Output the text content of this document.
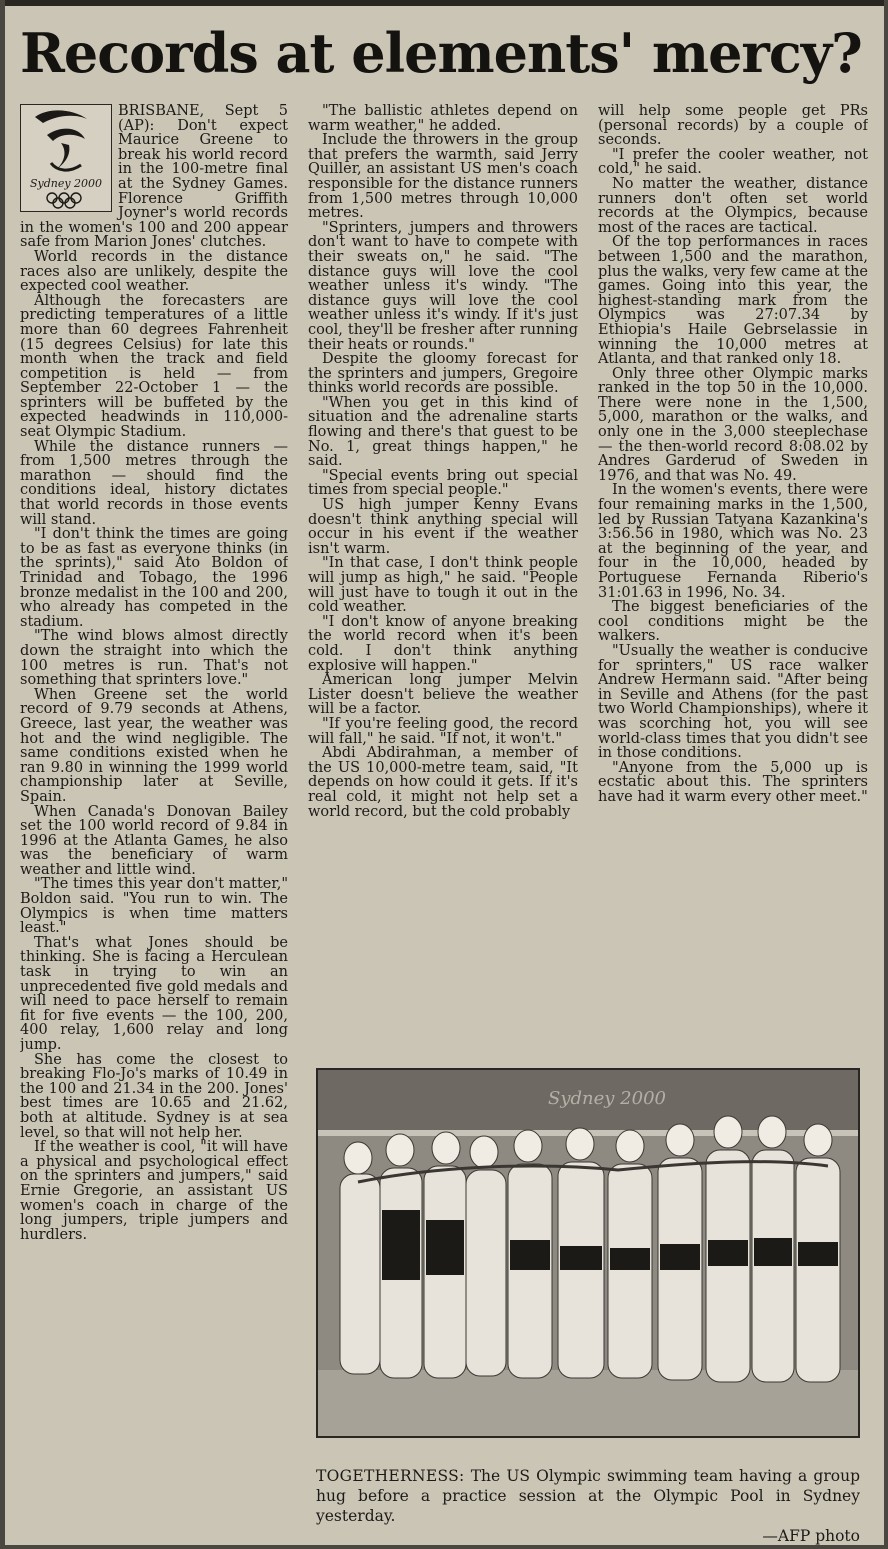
Records at elements' mercy?
Sydney 2000

BRISBANE, Sept 5 (AP): Don't expect Maurice Greene to break his world record in the 100-metre final at the Sydney Games. Florence Griffith Joyner's world records in the women's 100 and 200 appear safe from Marion Jones' clutches.

World records in the distance races also are unlikely, despite the expected cool weather.

Although the forecasters are predicting temperatures of a little more than 60 degrees Fahrenheit (15 degrees Celsius) for late this month when the track and field competition is held — from September 22-October 1 — the sprinters will be buffeted by the expected headwinds in 110,000-seat Olympic Stadium.

While the distance runners — from 1,500 metres through the marathon — should find the conditions ideal, history dictates that world records in those events will stand.

"I don't think the times are going to be as fast as everyone thinks (in the sprints)," said Ato Boldon of Trinidad and Tobago, the 1996 bronze medalist in the 100 and 200, who already has competed in the stadium.

"The wind blows almost directly down the straight into which the 100 metres is run. That's not something that sprinters love."

When Greene set the world record of 9.79 seconds at Athens, Greece, last year, the weather was hot and the wind negligible. The same conditions existed when he ran 9.80 in winning the 1999 world championship later at Seville, Spain.

When Canada's Donovan Bailey set the 100 world record of 9.84 in 1996 at the Atlanta Games, he also was the beneficiary of warm weather and little wind.

"The times this year don't matter," Boldon said. "You run to win. The Olympics is when time matters least."

That's what Jones should be thinking. She is facing a Herculean task in trying to win an unprecedented five gold medals and will need to pace herself to remain fit for five events — the 100, 200, 400 relay, 1,600 relay and long jump.

She has come the closest to breaking Flo-Jo's marks of 10.49 in the 100 and 21.34 in the 200. Jones' best times are 10.65 and 21.62, both at altitude. Sydney is at sea level, so that will not help her.

If the weather is cool, "it will have a physical and psychological effect on the sprinters and jumpers," said Ernie Gregorie, an assistant US women's coach in charge of the long jumpers, triple jumpers and hurdlers.

"The ballistic athletes depend on warm weather," he added.

Include the throwers in the group that prefers the warmth, said Jerry Quiller, an assistant US men's coach responsible for the distance runners from 1,500 metres through 10,000 metres.

"Sprinters, jumpers and throwers don't want to have to compete with their sweats on," he said. "The distance guys will love the cool weather unless it's windy. "The distance guys will love the cool weather unless it's windy. If it's just cool, they'll be fresher after running their heats or rounds."

Despite the gloomy forecast for the sprinters and jumpers, Gregoire thinks world records are possible.

"When you get in this kind of situation and the adrenaline starts flowing and there's that guest to be No. 1, great things happen," he said.

"Special events bring out special times from special people."

US high jumper Kenny Evans doesn't think anything special will occur in his event if the weather isn't warm.

"In that case, I don't think people will jump as high," he said. "People will just have to tough it out in the cold weather.

"I don't know of anyone breaking the world record when it's been cold. I don't think anything explosive will happen."

American long jumper Melvin Lister doesn't believe the weather will be a factor.

"If you're feeling good, the record will fall," he said. "If not, it won't."

Abdi Abdirahman, a member of the US 10,000-metre team, said, "It depends on how could it gets. If it's real cold, it might not help set a world record, but the cold probably

will help some people get PRs (personal records) by a couple of seconds.

"I prefer the cooler weather, not cold," he said.

No matter the weather, distance runners don't often set world records at the Olympics, because most of the races are tactical.

Of the top performances in races between 1,500 and the marathon, plus the walks, very few came at the games. Going into this year, the highest-standing mark from the Olympics was 27:07.34 by Ethiopia's Haile Gebrselassie in winning the 10,000 metres at Atlanta, and that ranked only 18.

Only three other Olympic marks ranked in the top 50 in the 10,000. There were none in the 1,500, 5,000, marathon or the walks, and only one in the 3,000 steeplechase — the then-world record 8:08.02 by Andres Garderud of Sweden in 1976, and that was No. 49.

In the women's events, there were four remaining marks in the 1,500, led by Russian Tatyana Kazankina's 3:56.56 in 1980, which was No. 23 at the beginning of the year, and four in the 10,000, headed by Portuguese Fernanda Riberio's 31:01.63 in 1996, No. 34.

The biggest beneficiaries of the cool conditions might be the walkers.

"Usually the weather is conducive for sprinters," US race walker Andrew Hermann said. "After being in Seville and Athens (for the past two World Championships), where it was scorching hot, you will see world-class times that you didn't see in those conditions.

"Anyone from the 5,000 up is ecstatic about this. The sprinters have had it warm every other meet."

Sydney 2000
TOGETHERNESS: The US Olympic swimming team having a group hug before a practice session at the Olympic Pool in Sydney yesterday.
—AFP photo
